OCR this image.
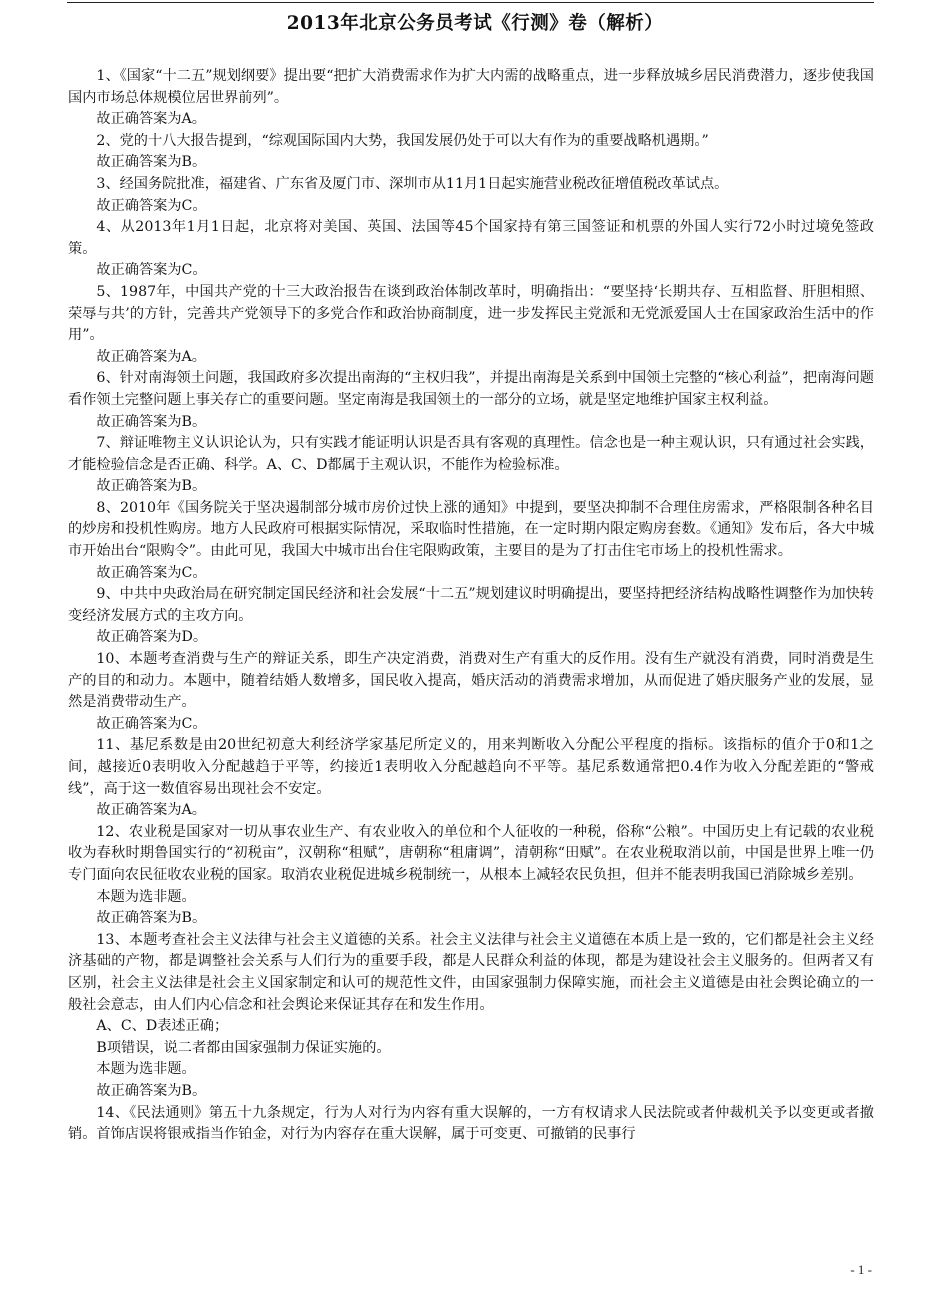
2013年北京公务员考试《行测》卷（解析）

1、《国家“十二五”规划纲要》提出要“把扩大消费需求作为扩大内需的战略重点，进一步释放城乡居民消费潜力，逐步使我国国内市场总体规模位居世界前列”。

故正确答案为A。

2、党的十八大报告提到，“综观国际国内大势，我国发展仍处于可以大有作为的重要战略机遇期。”

故正确答案为B。

3、经国务院批准，福建省、广东省及厦门市、深圳市从11月1日起实施营业税改征增值税改革试点。

故正确答案为C。

4、从2013年1月1日起，北京将对美国、英国、法国等45个国家持有第三国签证和机票的外国人实行72小时过境免签政策。

故正确答案为C。

5、1987年，中国共产党的十三大政治报告在谈到政治体制改革时，明确指出：“要坚持‘长期共存、互相监督、肝胆相照、荣辱与共’的方针，完善共产党领导下的多党合作和政治协商制度，进一步发挥民主党派和无党派爱国人士在国家政治生活中的作用”。

故正确答案为A。

6、针对南海领土问题，我国政府多次提出南海的“主权归我”，并提出南海是关系到中国领土完整的“核心利益”，把南海问题看作领土完整问题上事关存亡的重要问题。坚定南海是我国领土的一部分的立场，就是坚定地维护国家主权利益。

故正确答案为B。

7、辩证唯物主义认识论认为，只有实践才能证明认识是否具有客观的真理性。信念也是一种主观认识，只有通过社会实践，才能检验信念是否正确、科学。A、C、D都属于主观认识，不能作为检验标准。

故正确答案为B。

8、2010年《国务院关于坚决遏制部分城市房价过快上涨的通知》中提到，要坚决抑制不合理住房需求，严格限制各种名目的炒房和投机性购房。地方人民政府可根据实际情况，采取临时性措施，在一定时期内限定购房套数。《通知》发布后，各大中城市开始出台“限购令”。由此可见，我国大中城市出台住宅限购政策，主要目的是为了打击住宅市场上的投机性需求。

故正确答案为C。

9、中共中央政治局在研究制定国民经济和社会发展“十二五”规划建议时明确提出，要坚持把经济结构战略性调整作为加快转变经济发展方式的主攻方向。

故正确答案为D。

10、本题考查消费与生产的辩证关系，即生产决定消费，消费对生产有重大的反作用。没有生产就没有消费，同时消费是生产的目的和动力。本题中，随着结婚人数增多，国民收入提高，婚庆活动的消费需求增加，从而促进了婚庆服务产业的发展，显然是消费带动生产。

故正确答案为C。

11、基尼系数是由20世纪初意大利经济学家基尼所定义的，用来判断收入分配公平程度的指标。该指标的值介于0和1之间，越接近0表明收入分配越趋于平等，约接近1表明收入分配越趋向不平等。基尼系数通常把0.4作为收入分配差距的“警戒线”，高于这一数值容易出现社会不安定。

故正确答案为A。

12、农业税是国家对一切从事农业生产、有农业收入的单位和个人征收的一种税，俗称“公粮”。中国历史上有记载的农业税收为春秋时期鲁国实行的“初税亩”，汉朝称“租赋”，唐朝称“租庸调”，清朝称“田赋”。在农业税取消以前，中国是世界上唯一仍专门面向农民征收农业税的国家。取消农业税促进城乡税制统一，从根本上减轻农民负担，但并不能表明我国已消除城乡差别。

本题为选非题。

故正确答案为B。

13、本题考查社会主义法律与社会主义道德的关系。社会主义法律与社会主义道德在本质上是一致的，它们都是社会主义经济基础的产物，都是调整社会关系与人们行为的重要手段，都是人民群众利益的体现，都是为建设社会主义服务的。但两者又有区别，社会主义法律是社会主义国家制定和认可的规范性文件，由国家强制力保障实施，而社会主义道德是由社会舆论确立的一般社会意志，由人们内心信念和社会舆论来保证其存在和发生作用。

A、C、D表述正确；

B项错误，说二者都由国家强制力保证实施的。

本题为选非题。

故正确答案为B。

14、《民法通则》第五十九条规定，行为人对行为内容有重大误解的，一方有权请求人民法院或者仲裁机关予以变更或者撤销。首饰店误将银戒指当作铂金，对行为内容存在重大误解，属于可变更、可撤销的民事行

- 1 -
